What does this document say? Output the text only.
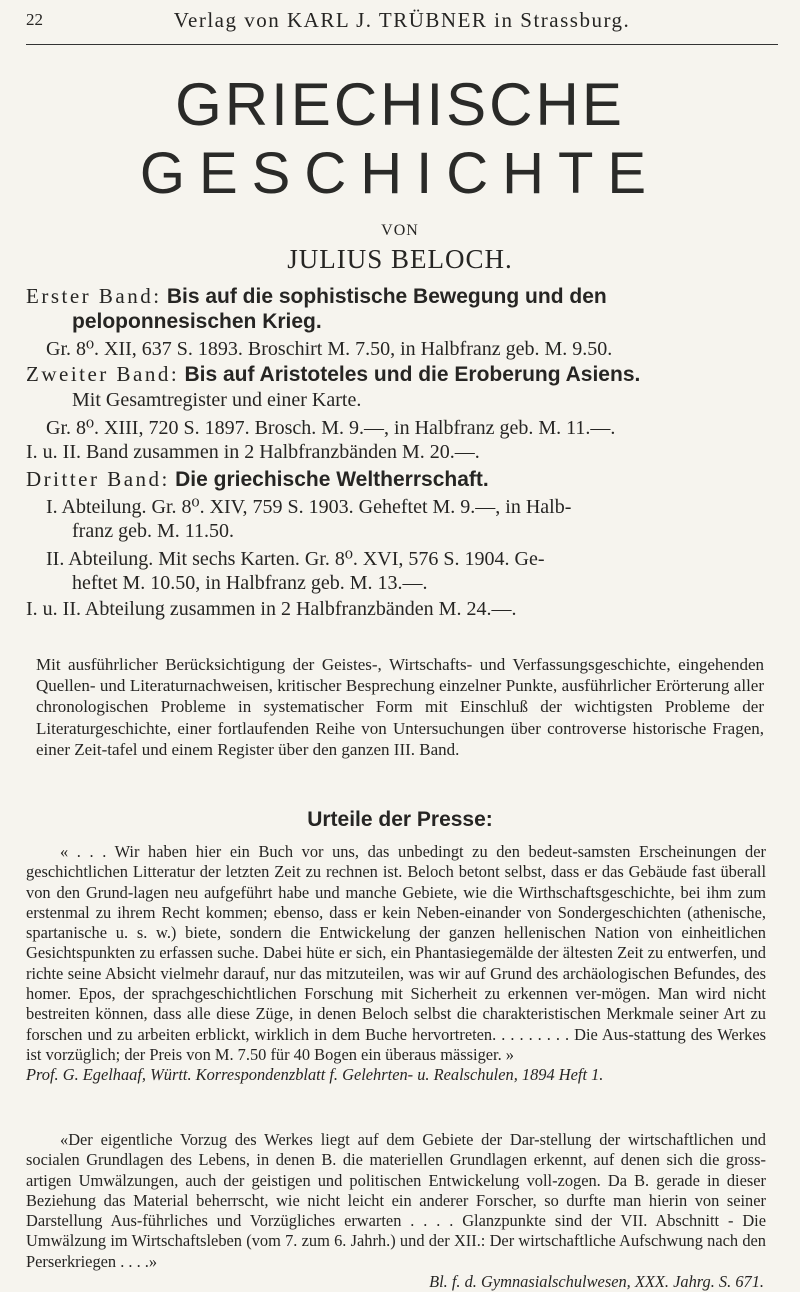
22	Verlag von KARL J. TRÜBNER in Strassburg.
GRIECHISCHE
GESCHICHTE
VON
JULIUS BELOCH.
Erster Band: Bis auf die sophistische Bewegung und den
peloponnesischen Krieg.
Gr. 8⁰. XII, 637 S. 1893. Broschirt M. 7.50, in Halbfranz geb. M. 9.50.
Zweiter Band: Bis auf Aristoteles und die Eroberung Asiens.
Mit Gesamtregister und einer Karte.
Gr. 8⁰. XIII, 720 S. 1897. Brosch. M. 9.—, in Halbfranz geb. M. 11.—.
I. u. II. Band zusammen in 2 Halbfranzbänden M. 20.—.
Dritter Band: Die griechische Weltherrschaft.
I. Abteilung. Gr. 8⁰. XIV, 759 S. 1903. Geheftet M. 9.—, in Halb-
franz geb. M. 11.50.
II. Abteilung. Mit sechs Karten. Gr. 8⁰. XVI, 576 S. 1904. Ge-
heftet M. 10.50, in Halbfranz geb. M. 13.—.
I. u. II. Abteilung zusammen in 2 Halbfranzbänden M. 24.—.
Mit ausführlicher Berücksichtigung der Geistes-, Wirtschafts- und Verfassungsgeschichte, eingehenden Quellen- und Literaturnachweisen, kritischer Besprechung einzelner Punkte, ausführlicher Erörterung aller chronologischen Probleme in systematischer Form mit Einschluß der wichtigsten Probleme der Literaturgeschichte, einer fortlaufenden Reihe von Untersuchungen über controverse historische Fragen, einer Zeit-tafel und einem Register über den ganzen III. Band.
Urteile der Presse:
« . . . Wir haben hier ein Buch vor uns, das unbedingt zu den bedeut-samsten Erscheinungen der geschichtlichen Litteratur der letzten Zeit zu rechnen ist. Beloch betont selbst, dass er das Gebäude fast überall von den Grund-lagen neu aufgeführt habe und manche Gebiete, wie die Wirthschaftsgeschichte, bei ihm zum erstenmal zu ihrem Recht kommen; ebenso, dass er kein Neben-einander von Sondergeschichten (athenische, spartanische u. s. w.) biete, sondern die Entwickelung der ganzen hellenischen Nation von einheitlichen Gesichtspunkten zu erfassen suche. Dabei hüte er sich, ein Phantasiegemälde der ältesten Zeit zu entwerfen, und richte seine Absicht vielmehr darauf, nur das mitzuteilen, was wir auf Grund des archäologischen Befundes, des homer. Epos, der sprachgeschichtlichen Forschung mit Sicherheit zu erkennen ver-mögen. Man wird nicht bestreiten können, dass alle diese Züge, in denen Beloch selbst die charakteristischen Merkmale seiner Art zu forschen und zu arbeiten erblickt, wirklich in dem Buche hervortreten. . . . . . . . . Die Aus-stattung des Werkes ist vorzüglich; der Preis von M. 7.50 für 40 Bogen ein überaus mässiger. »
Prof. G. Egelhaaf, Württ. Korrespondenzblatt f. Gelehrten- u. Realschulen, 1894 Heft 1.
«Der eigentliche Vorzug des Werkes liegt auf dem Gebiete der Dar-stellung der wirtschaftlichen und socialen Grundlagen des Lebens, in denen B. die materiellen Grundlagen erkennt, auf denen sich die gross-artigen Umwälzungen, auch der geistigen und politischen Entwickelung voll-zogen. Da B. gerade in dieser Beziehung das Material beherrscht, wie nicht leicht ein anderer Forscher, so durfte man hierin von seiner Darstellung Aus-führliches und Vorzügliches erwarten . . . . Glanzpunkte sind der VII. Abschnitt - Die Umwälzung im Wirtschaftsleben (vom 7. zum 6. Jahrh.) und der XII.: Der wirtschaftliche Aufschwung nach den Perserkriegen . . . .»
Bl. f. d. Gymnasialschulwesen, XXX. Jahrg. S. 671.
